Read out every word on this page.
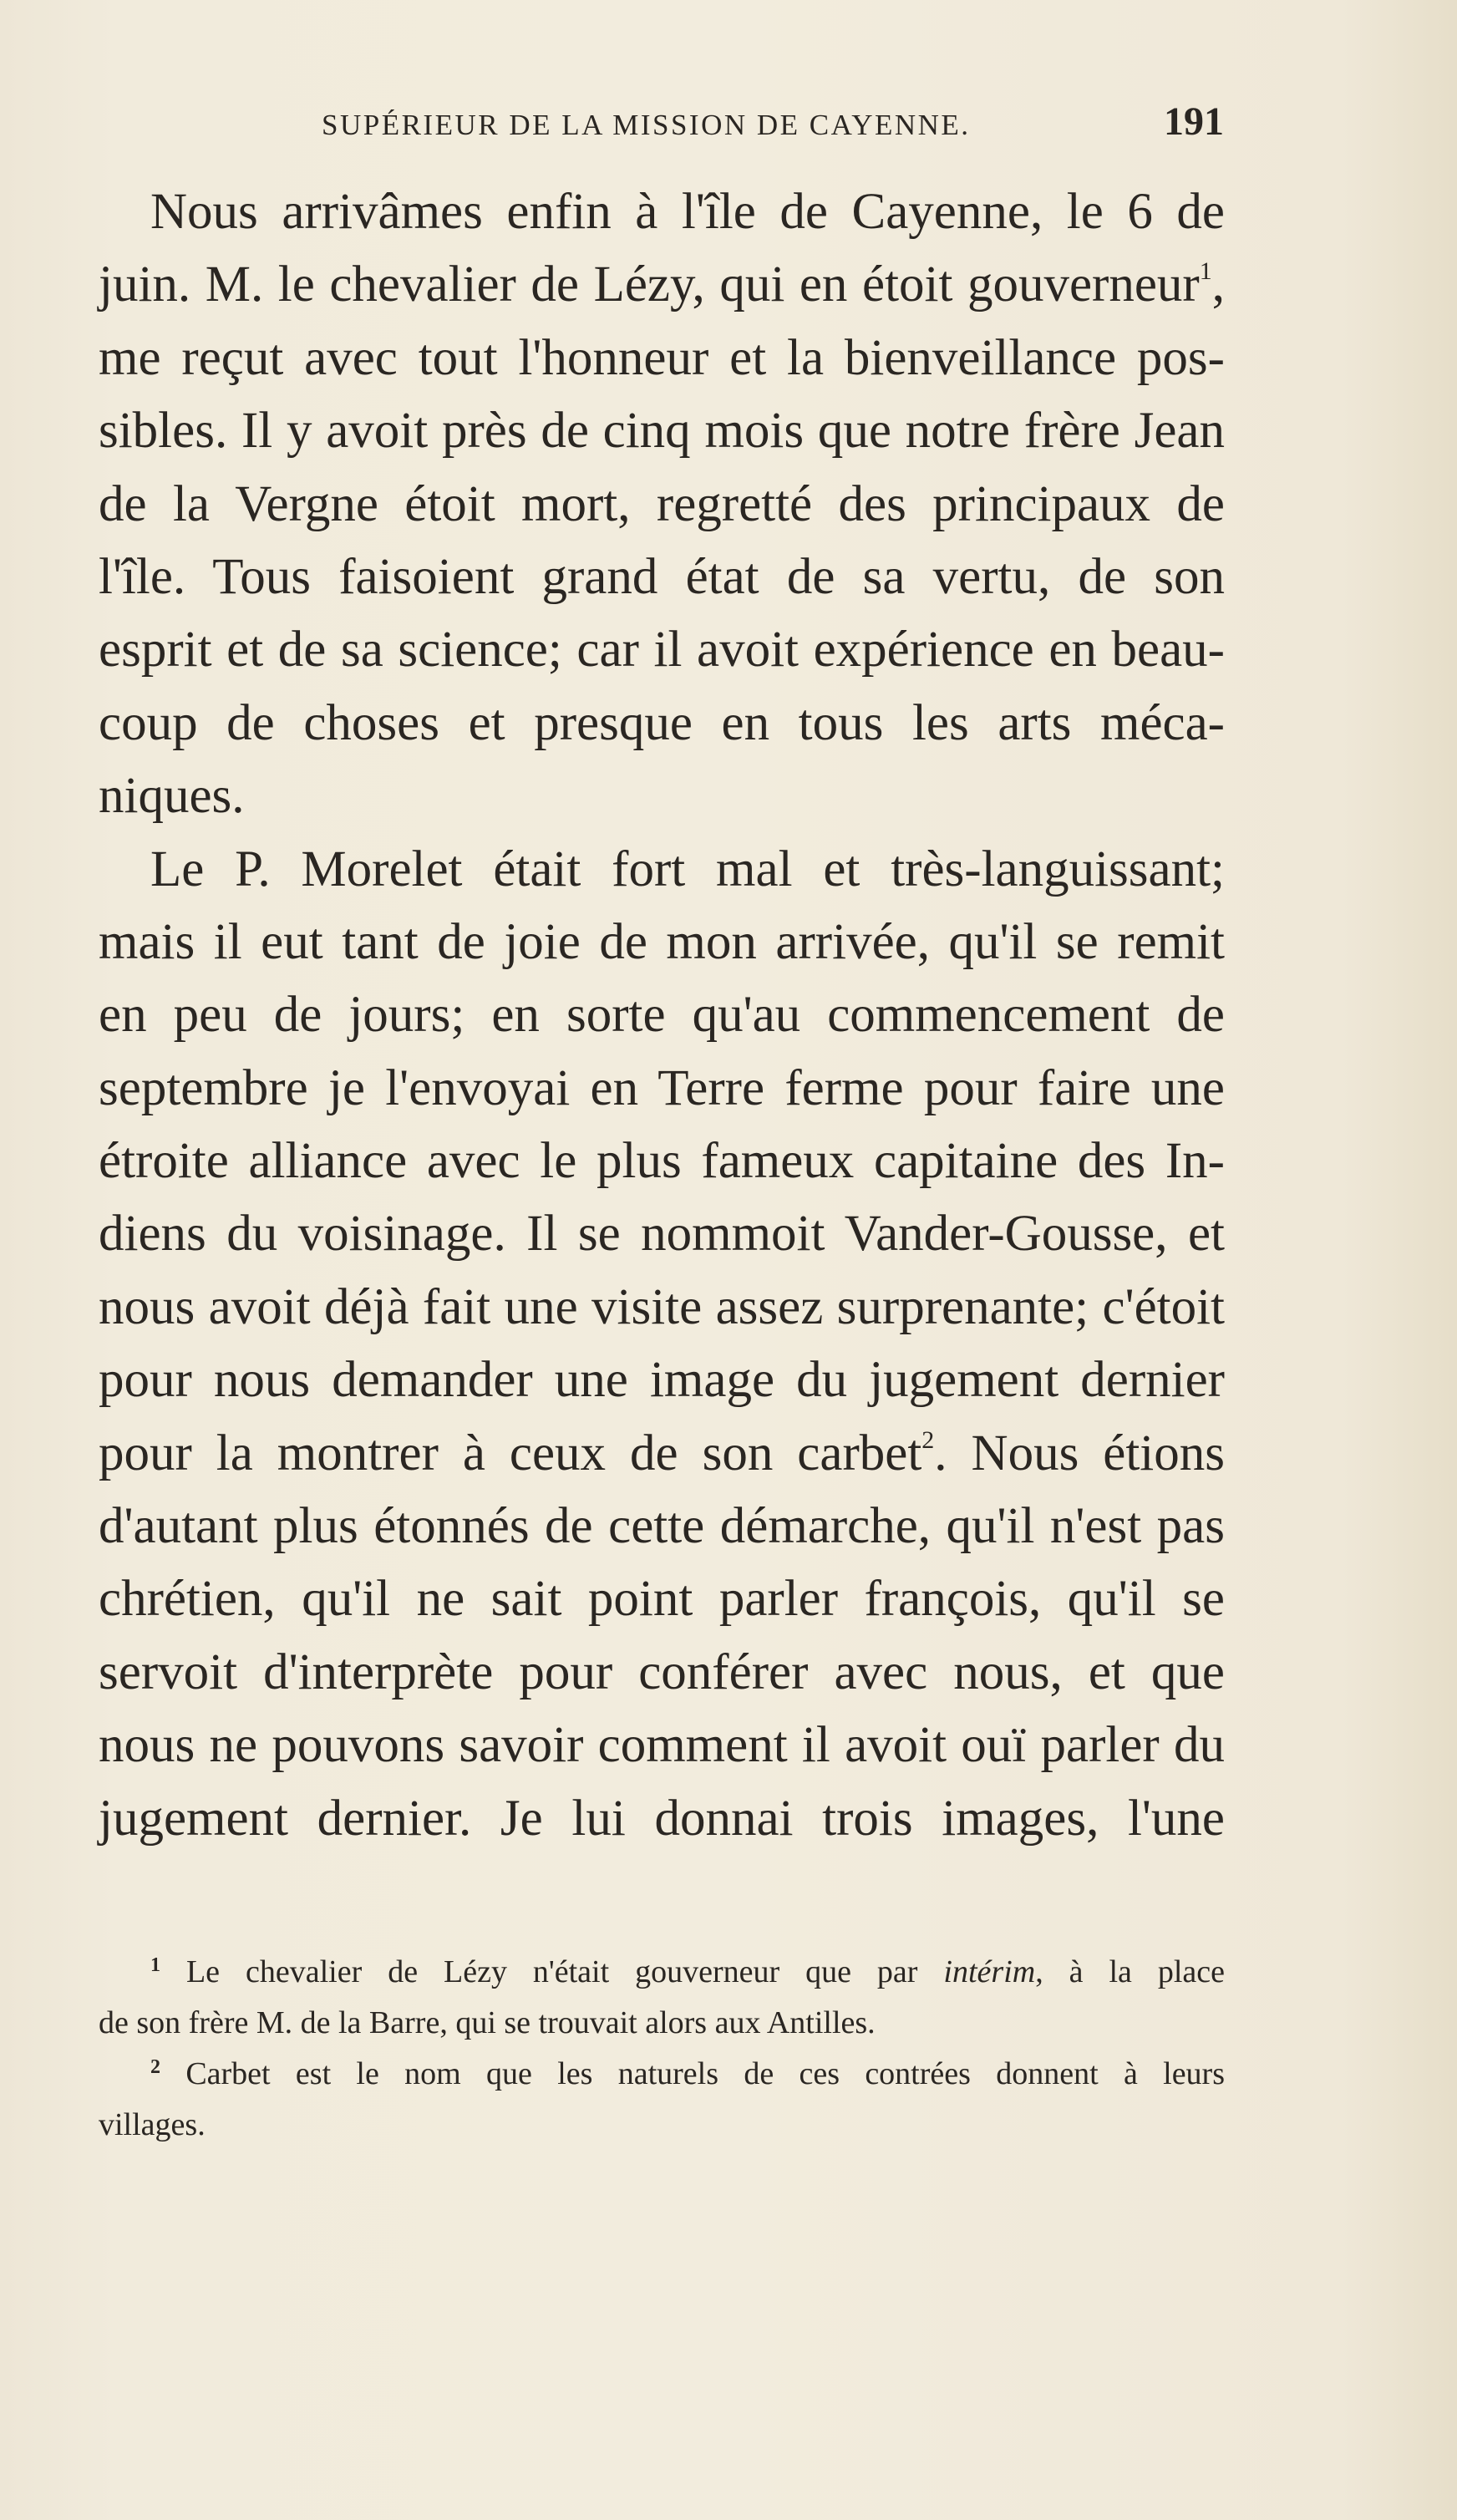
SUPÉRIEUR DE LA MISSION DE CAYENNE.	191
Nous arrivâmes enfin à l'île de Cayenne, le 6 de
juin. M. le chevalier de Lézy, qui en étoit gouverneur$^1$,
me reçut avec tout l'honneur et la bienveillance pos-
sibles. Il y avoit près de cinq mois que notre frère Jean
de la Vergne étoit mort, regretté des principaux de
l'île. Tous faisoient grand état de sa vertu, de son
esprit et de sa science; car il avoit expérience en beau-
coup de choses et presque en tous les arts méca-
niques.
Le P. Morelet était fort mal et très-languissant;
mais il eut tant de joie de mon arrivée, qu'il se remit
en peu de jours; en sorte qu'au commencement de
septembre je l'envoyai en Terre ferme pour faire une
étroite alliance avec le plus fameux capitaine des In-
diens du voisinage. Il se nommoit Vander-Gousse, et
nous avoit déjà fait une visite assez surprenante; c'étoit
pour nous demander une image du jugement dernier
pour la montrer à ceux de son carbet$^2$. Nous étions
d'autant plus étonnés de cette démarche, qu'il n'est pas
chrétien, qu'il ne sait point parler françois, qu'il se
servoit d'interprète pour conférer avec nous, et que
nous ne pouvons savoir comment il avoit ouï parler du
jugement dernier. Je lui donnai trois images, l'une
$^1$ Le chevalier de Lézy n'était gouverneur que par intérim, à la place
de son frère M. de la Barre, qui se trouvait alors aux Antilles.
$^2$ Carbet est le nom que les naturels de ces contrées donnent à leurs
villages.
